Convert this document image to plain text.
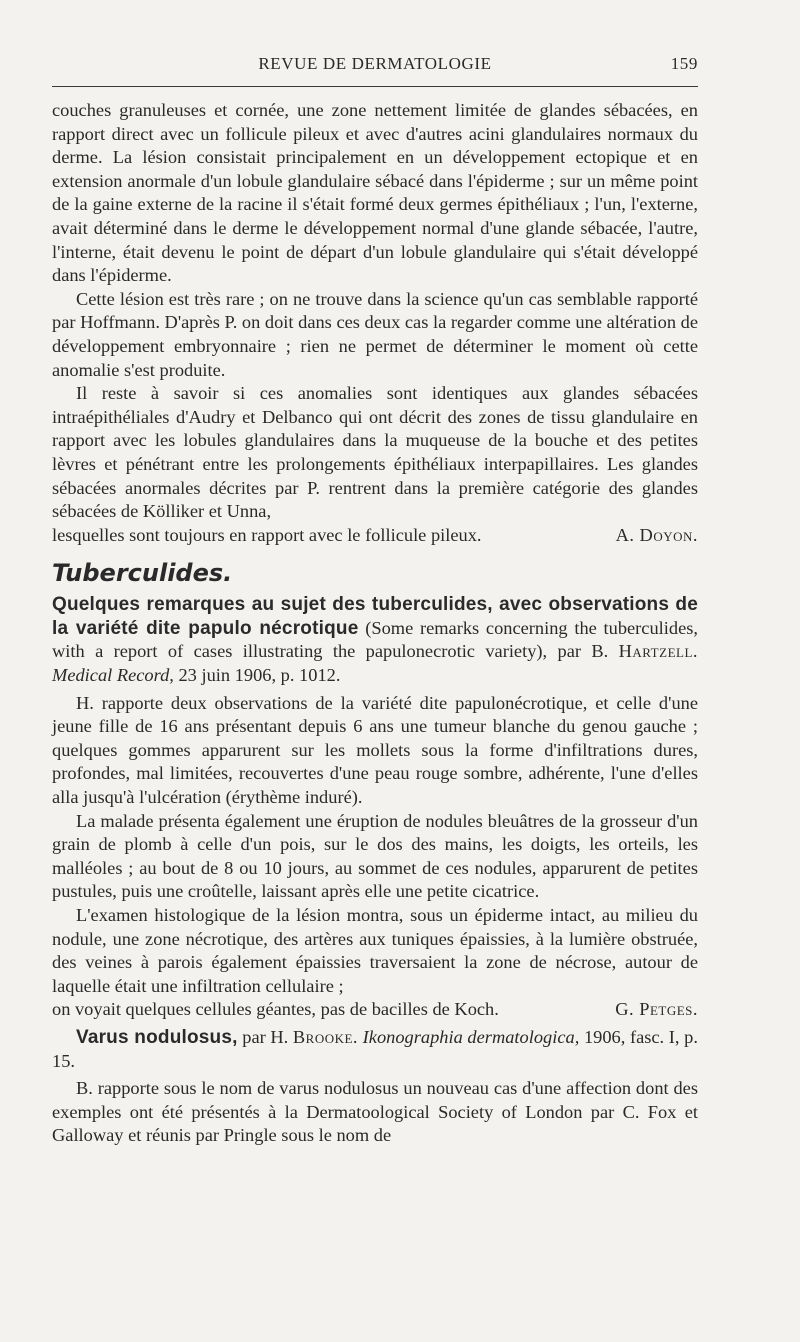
REVUE DE DERMATOLOGIE	159

couches granuleuses et cornée, une zone nettement limitée de glandes sébacées, en rapport direct avec un follicule pileux et avec d'autres acini glandulaires normaux du derme. La lésion consistait principalement en un développement ectopique et en extension anormale d'un lobule glandulaire sébacé dans l'épiderme ; sur un même point de la gaine externe de la racine il s'était formé deux germes épithéliaux ; l'un, l'externe, avait déterminé dans le derme le développement normal d'une glande sébacée, l'autre, l'interne, était devenu le point de départ d'un lobule glandulaire qui s'était développé dans l'épiderme.

Cette lésion est très rare ; on ne trouve dans la science qu'un cas semblable rapporté par Hoffmann. D'après P. on doit dans ces deux cas la regarder comme une altération de développement embryonnaire ; rien ne permet de déterminer le moment où cette anomalie s'est produite.

Il reste à savoir si ces anomalies sont identiques aux glandes sébacées intraépithéliales d'Audry et Delbanco qui ont décrit des zones de tissu glandulaire en rapport avec les lobules glandulaires dans la muqueuse de la bouche et des petites lèvres et pénétrant entre les prolongements épithéliaux interpapillaires. Les glandes sébacées anormales décrites par P. rentrent dans la première catégorie des glandes sébacées de Kölliker et Unna,

lesquelles sont toujours en rapport avec le follicule pileux.	A. Doyon.
Tuberculides.

Quelques remarques au sujet des tuberculides, avec observations de la variété dite papulo nécrotique (Some remarks concerning the tuberculides, with a report of cases illustrating the papulonecrotic variety), par B. Hartzell. Medical Record, 23 juin 1906, p. 1012.

H. rapporte deux observations de la variété dite papulonécrotique, et celle d'une jeune fille de 16 ans présentant depuis 6 ans une tumeur blanche du genou gauche ; quelques gommes apparurent sur les mollets sous la forme d'infiltrations dures, profondes, mal limitées, recouvertes d'une peau rouge sombre, adhérente, l'une d'elles alla jusqu'à l'ulcération (érythème induré).

La malade présenta également une éruption de nodules bleuâtres de la grosseur d'un grain de plomb à celle d'un pois, sur le dos des mains, les doigts, les orteils, les malléoles ; au bout de 8 ou 10 jours, au sommet de ces nodules, apparurent de petites pustules, puis une croûtelle, laissant après elle une petite cicatrice.

L'examen histologique de la lésion montra, sous un épiderme intact, au milieu du nodule, une zone nécrotique, des artères aux tuniques épaissies, à la lumière obstruée, des veines à parois également épaissies traversaient la zone de nécrose, autour de laquelle était une infiltration cellulaire ;

on voyait quelques cellules géantes, pas de bacilles de Koch.	G. Petges.

Varus nodulosus, par H. Brooke. Ikonographia dermatologica, 1906, fasc. I, p. 15.

B. rapporte sous le nom de varus nodulosus un nouveau cas d'une affection dont des exemples ont été présentés à la Dermatoological Society of London par C. Fox et Galloway et réunis par Pringle sous le nom de
